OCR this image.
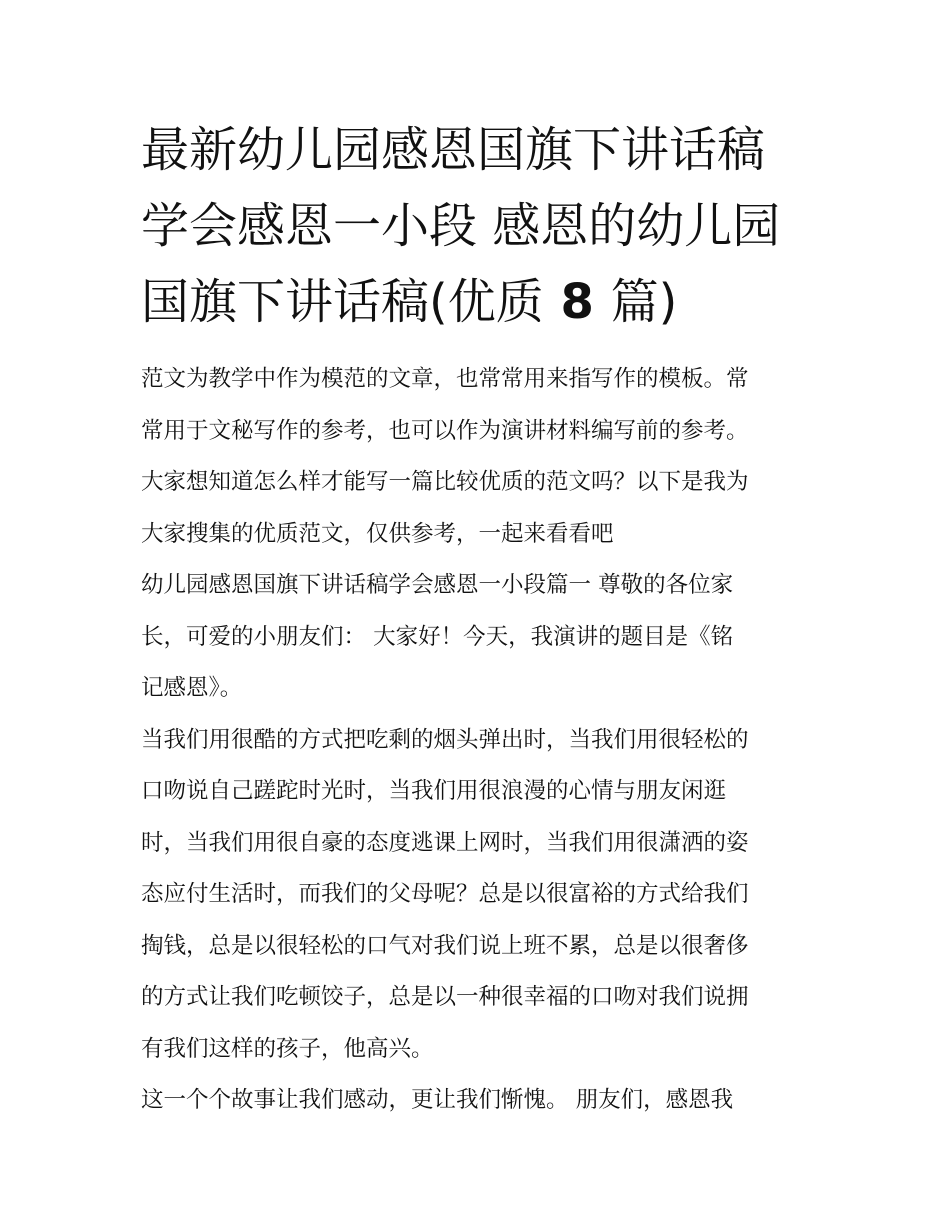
最新幼儿园感恩国旗下讲话稿
学会感恩一小段 感恩的幼儿园
国旗下讲话稿(优质 8 篇)

范文为教学中作为模范的文章，也常常用来指写作的模板。常
常用于文秘写作的参考，也可以作为演讲材料编写前的参考。
大家想知道怎么样才能写一篇比较优质的范文吗？以下是我为
大家搜集的优质范文，仅供参考，一起来看看吧

幼儿园感恩国旗下讲话稿学会感恩一小段篇一 尊敬的各位家
长，可爱的小朋友们： 大家好！今天，我演讲的题目是《铭
记感恩》。

当我们用很酷的方式把吃剩的烟头弹出时，当我们用很轻松的
口吻说自己蹉跎时光时，当我们用很浪漫的心情与朋友闲逛
时，当我们用很自豪的态度逃课上网时，当我们用很潇洒的姿
态应付生活时，而我们的父母呢？总是以很富裕的方式给我们
掏钱，总是以很轻松的口气对我们说上班不累，总是以很奢侈
的方式让我们吃顿饺子，总是以一种很幸福的口吻对我们说拥
有我们这样的孩子，他高兴。

这一个个故事让我们感动，更让我们惭愧。 朋友们，感恩我
